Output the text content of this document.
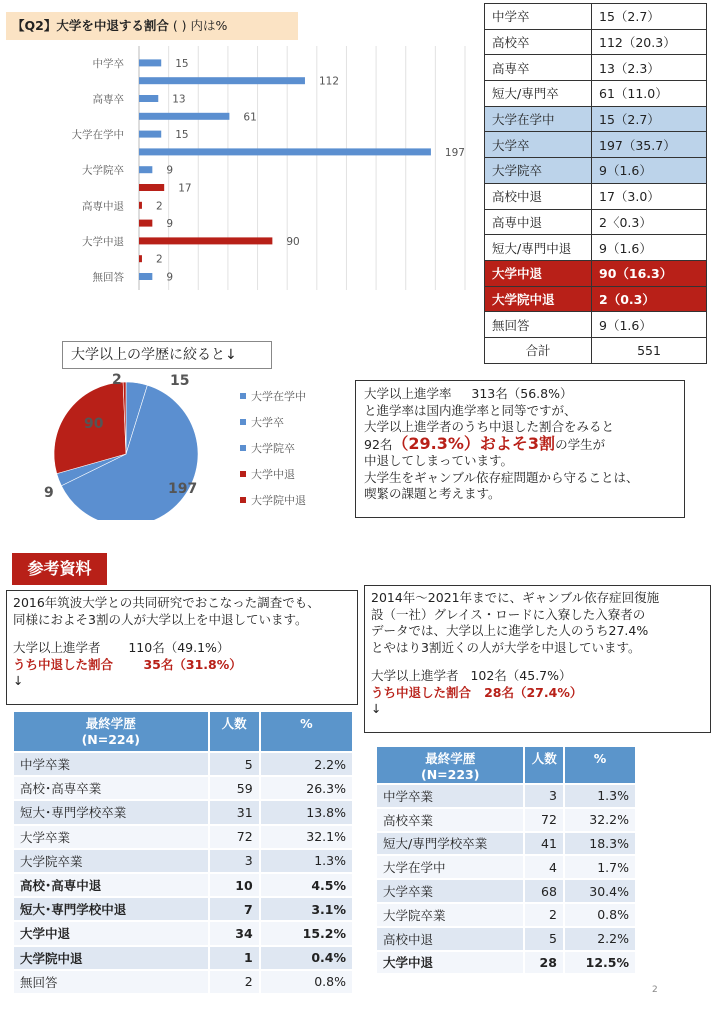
【Q2】大学を中退する割合 ( ) 内は%
15
中学卒
112
13
高専卒
61
15
大学在学中
197
9
大学院卒
17
2
高専中退
9
90
大学中退
2
9
無回答
中学卒	15（2.7）
高校卒	112（20.3）
高専卒	13（2.3）
短大/専門卒	61（11.0）
大学在学中	15（2.7）
大学卒	197（35.7）
大学院卒	9（1.6）
高校中退	17（3.0）
高専中退	2〈0.3）
短大/専門中退	9（1.6）
大学中退	90（16.3）
大学院中退	2（0.3）
無回答	9（1.6）
合計	551
大学以上の学歴に絞ると↓
15
197
9
90
2
大学在学中
大学卒
大学院卒
大学中退
大学院中退
大学以上進学率 313名（56.8%）
と進学率は国内進学率と同等ですが、
大学以上進学者のうち中退した割合をみると
92名（29.3%）およそ3割の学生が
中退してしまっています。
大学生をギャンブル依存症問題から守ることは、
喫緊の課題と考えます。
参考資料
2016年筑波大学との共同研究でおこなった調査でも、
同様におよそ3割の人が大学以上を中退しています。
大学以上進学者 110名（49.1%）
うち中退した割合 35名（31.8%）
↓
2014年～2021年までに、ギャンブル依存症回復施
設（一社）グレイス・ロードに入寮した入寮者の
データでは、大学以上に進学した人のうち27.4%
とやはり3割近くの人が大学を中退しています。
大学以上進学者 102名（45.7%）
うち中退した割合 28名（27.4%）
↓
最終学歴
(N=224)	人数	%
中学卒業	5	2.2%
高校･高専卒業	59	26.3%
短大･専門学校卒業	31	13.8%
大学卒業	72	32.1%
大学院卒業	3	1.3%
高校･高専中退	10	4.5%
短大･専門学校中退	7	3.1%
大学中退	34	15.2%
大学院中退	1	0.4%
無回答	2	0.8%
最終学歴
(N=223)	人数	%
中学卒業	3	1.3%
高校卒業	72	32.2%
短大/専門学校卒業	41	18.3%
大学在学中	4	1.7%
大学卒業	68	30.4%
大学院卒業	2	0.8%
高校中退	5	2.2%
大学中退	28	12.5%
2
